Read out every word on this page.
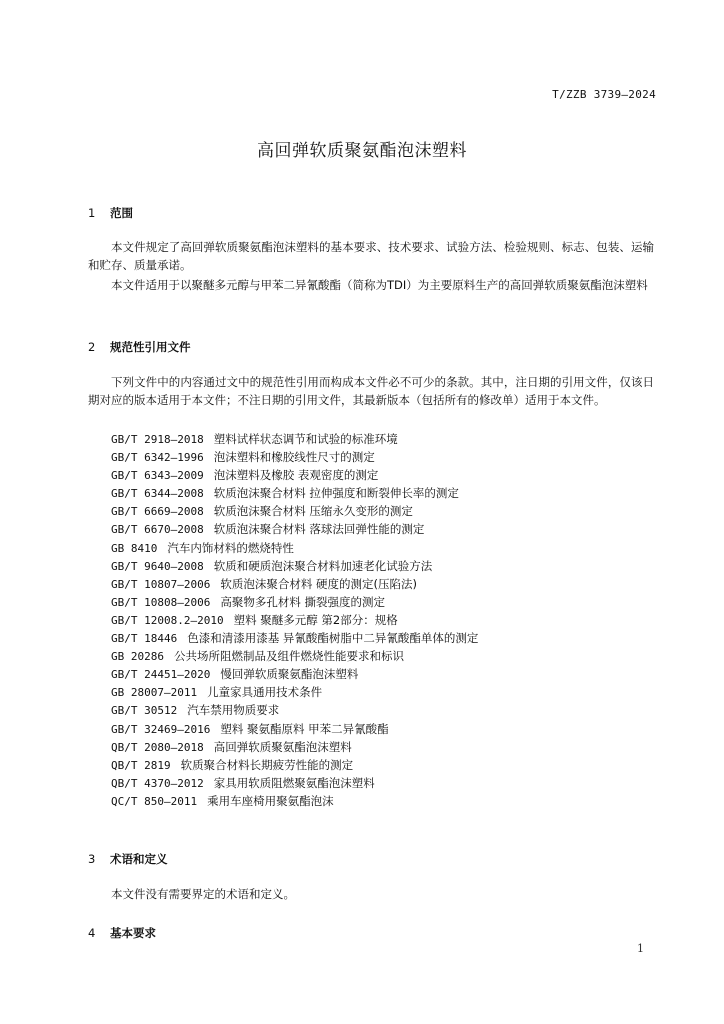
T/ZZB 3739—2024
高回弹软质聚氨酯泡沫塑料
1 范围
本文件规定了高回弹软质聚氨酯泡沫塑料的基本要求、技术要求、试验方法、检验规则、标志、包装、运输和贮存、质量承诺。
本文件适用于以聚醚多元醇与甲苯二异氰酸酯（简称为TDI）为主要原料生产的高回弹软质聚氨酯泡沫塑料
2 规范性引用文件
下列文件中的内容通过文中的规范性引用而构成本文件必不可少的条款。其中，注日期的引用文件，仅该日期对应的版本适用于本文件；不注日期的引用文件，其最新版本（包括所有的修改单）适用于本文件。
GB/T 2918—2018 塑料试样状态调节和试验的标准环境
GB/T 6342—1996 泡沫塑料和橡胶线性尺寸的测定
GB/T 6343—2009 泡沫塑料及橡胶 表观密度的测定
GB/T 6344—2008 软质泡沫聚合材料 拉伸强度和断裂伸长率的测定
GB/T 6669—2008 软质泡沫聚合材料 压缩永久变形的测定
GB/T 6670—2008 软质泡沫聚合材料 落球法回弹性能的测定
GB 8410 汽车内饰材料的燃烧特性
GB/T 9640—2008 软质和硬质泡沫聚合材料加速老化试验方法
GB/T 10807—2006 软质泡沫聚合材料 硬度的测定(压陷法)
GB/T 10808—2006 高聚物多孔材料 撕裂强度的测定
GB/T 12008.2—2010 塑料 聚醚多元醇 第2部分：规格
GB/T 18446 色漆和清漆用漆基 异氰酸酯树脂中二异氰酸酯单体的测定
GB 20286 公共场所阻燃制品及组件燃烧性能要求和标识
GB/T 24451—2020 慢回弹软质聚氨酯泡沫塑料
GB 28007—2011 儿童家具通用技术条件
GB/T 30512 汽车禁用物质要求
GB/T 32469—2016 塑料 聚氨酯原料 甲苯二异氰酸酯
QB/T 2080—2018 高回弹软质聚氨酯泡沫塑料
QB/T 2819 软质聚合材料长期疲劳性能的测定
QB/T 4370—2012 家具用软质阻燃聚氨酯泡沫塑料
QC/T 850—2011 乘用车座椅用聚氨酯泡沫
3 术语和定义
本文件没有需要界定的术语和定义。
4 基本要求
1
